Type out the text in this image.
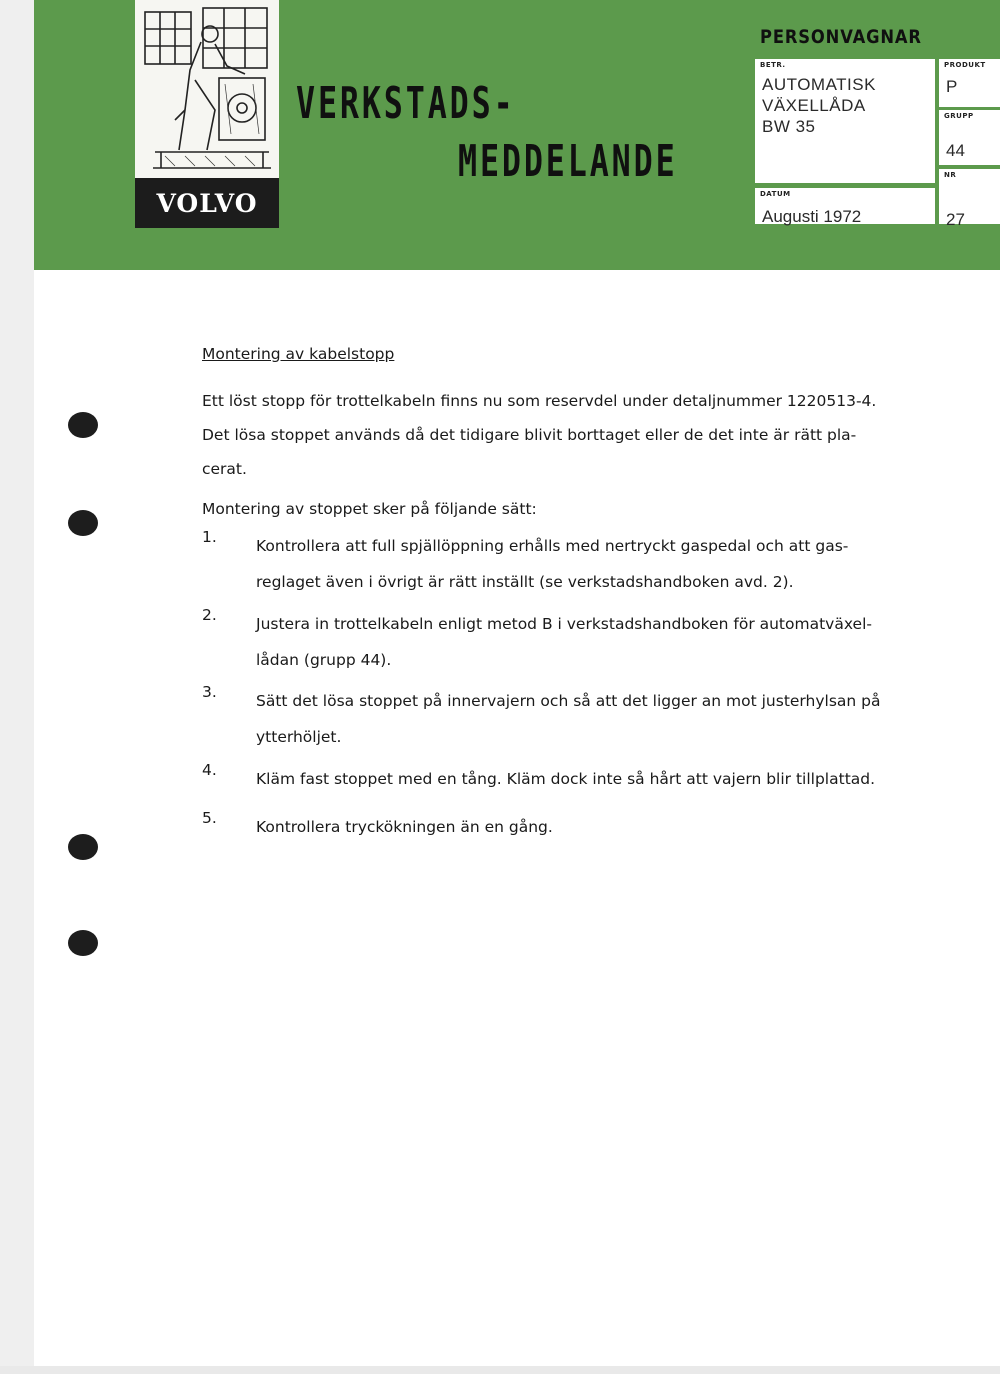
VOLVO
VERKSTADS-
MEDDELANDE
PERSONVAGNAR
BETR.
AUTOMATISK
VÄXELLÅDA
BW 35
PRODUKT
P
GRUPP
44
DATUM
Augusti 1972
NR
27
Montering av kabelstopp
Ett löst stopp för trottelkabeln finns nu som reservdel under detaljnummer 1220513-4.
Det lösa stoppet används då det tidigare blivit borttaget eller de det inte är rätt pla-
cerat.
Montering av stoppet sker på följande sätt:
1.	Kontrollera att full spjällöppning erhålls med nertryckt gaspedal och att gas-
reglaget även i övrigt är rätt inställt (se verkstadshandboken avd. 2).
2.	Justera in trottelkabeln enligt metod B i verkstadshandboken för automatväxel-
lådan (grupp 44).
3.	Sätt det lösa stoppet på innervajern och så att det ligger an mot justerhylsan på
ytterhöljet.
4.	Kläm fast stoppet med en tång. Kläm dock inte så hårt att vajern blir tillplattad.
5.	Kontrollera tryckökningen än en gång.
